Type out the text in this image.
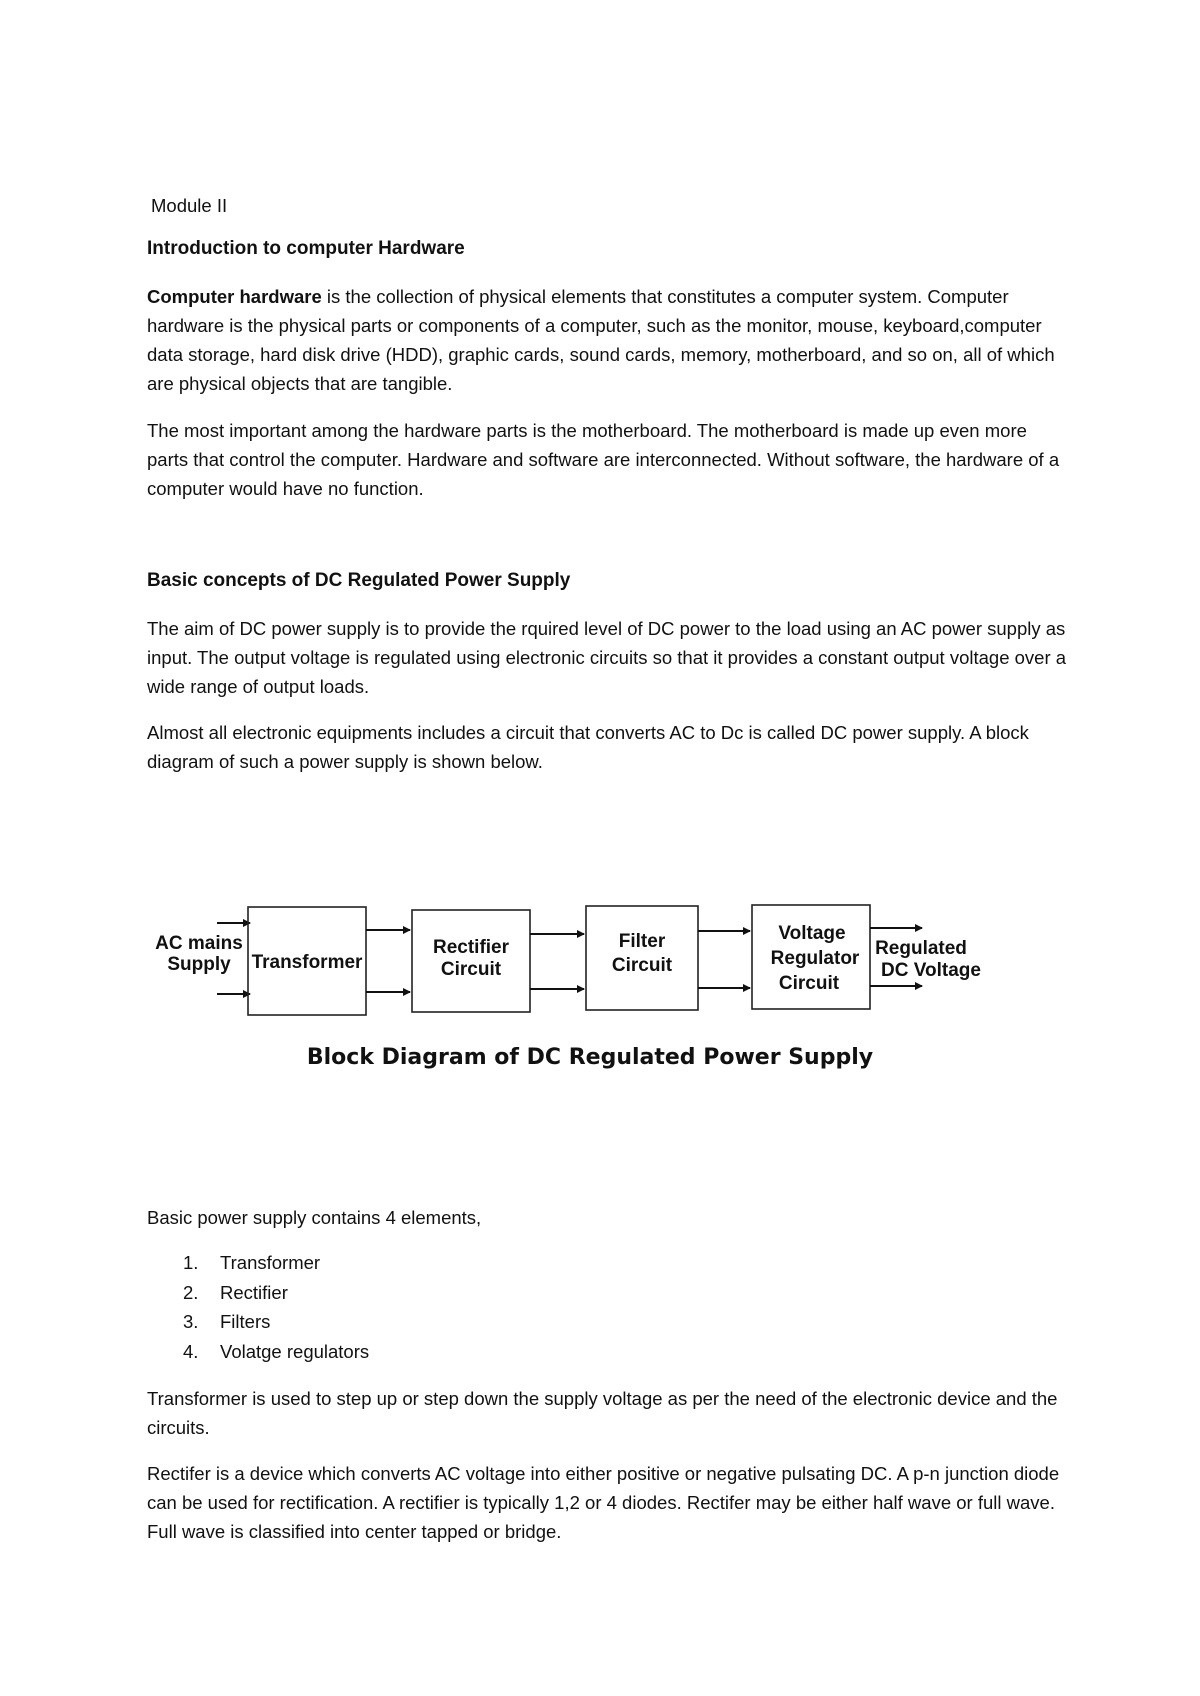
Module II

Introduction to computer Hardware

Computer hardware is the collection of physical elements that constitutes a computer system. Computer hardware is the physical parts or components of a computer, such as the monitor, mouse, keyboard,computer data storage, hard disk drive (HDD), graphic cards, sound cards, memory, motherboard, and so on, all of which are physical objects that are tangible.

The most important among the hardware parts is the motherboard. The motherboard is made up even more parts that control the computer. Hardware and software are interconnected. Without software, the hardware of a computer would have no function.

Basic concepts of DC Regulated Power Supply

The aim of DC power supply is to provide the rquired level of DC power to the load using an AC power supply as input. The output voltage is regulated using electronic circuits so that it provides a constant output voltage over a wide range of output loads.

Almost all electronic equipments includes a circuit that converts AC to Dc is called DC power supply. A block diagram of such a power supply is shown below.

AC mains
Supply Transformer
Rectifier
Circuit
Filter
Circuit
Voltage
Regulator
Circuit
Regulated
DC Voltage
Block Diagram of DC Regulated Power Supply

Basic power supply contains 4 elements,

1. Transformer
2. Rectifier
3. Filters
4. Volatge regulators

Transformer is used to step up or step down the supply voltage as per the need of the electronic device and the circuits.

Rectifer is a device which converts AC voltage into either positive or negative pulsating DC. A p-n junction diode can be used for rectification. A rectifier is typically 1,2 or 4 diodes. Rectifer may be either half wave or full wave. Full wave is classified into center tapped or bridge.
